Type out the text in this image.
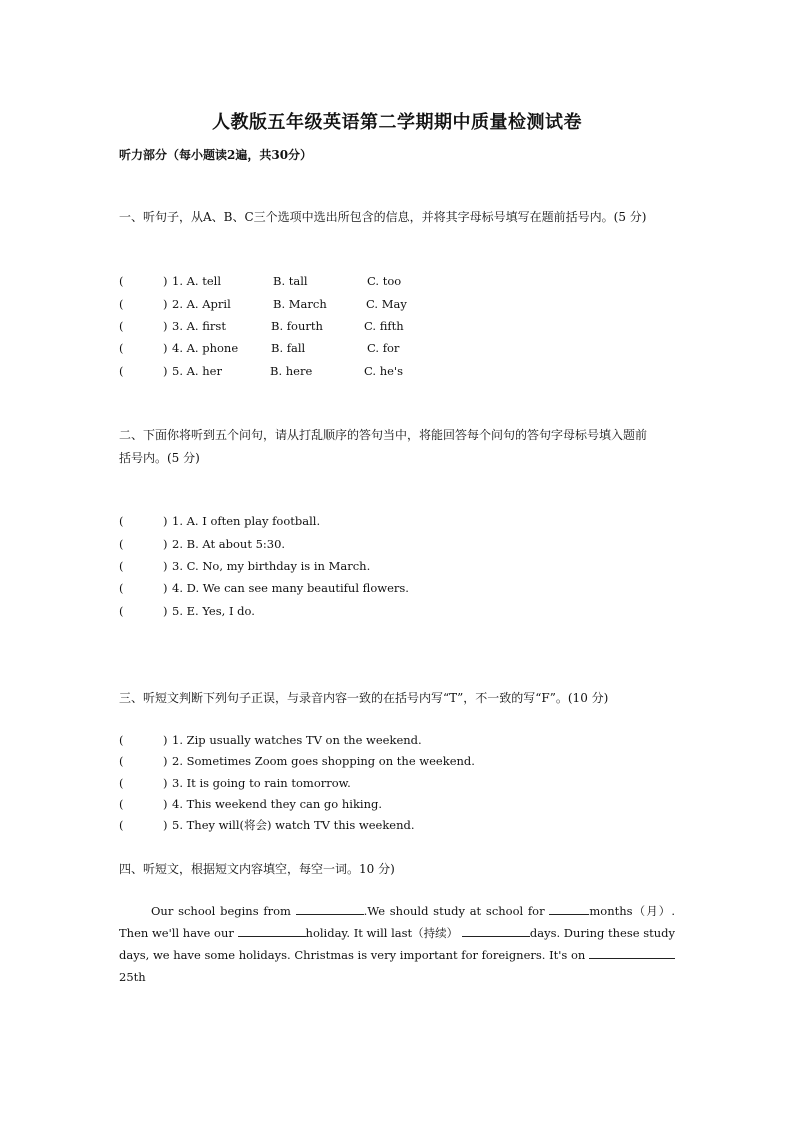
人教版五年级英语第二学期期中质量检测试卷
听力部分（每小题读2遍，共30分）
一、听句子，从A、B、C三个选项中选出所包含的信息，并将其字母标号填写在题前括号内。(5 分)
(	) 1. A. tell	B. tall	C. too
(	) 2. A. April	B. March	C. May
(	) 3. A. first	B. fourth	C. fifth
(	) 4. A. phone	B. fall	C. for
(	) 5. A. her	B. here	C. he's
二、下面你将听到五个问句，请从打乱顺序的答句当中，将能回答每个问句的答句字母标号填入题前
括号内。(5 分)
(	) 1. A. I often play football.
(	) 2. B. At about 5:30.
(	) 3. C. No, my birthday is in March.
(	) 4. D. We can see many beautiful flowers.
(	) 5. E. Yes, I do.
三、听短文判断下列句子正误，与录音内容一致的在括号内写“T”，不一致的写“F”。(10 分)
(	) 1. Zip usually watches TV on the weekend.
(	) 2. Sometimes Zoom goes shopping on the weekend.
(	) 3. It is going to rain tomorrow.
(	) 4. This weekend they can go hiking.
(	) 5. They will(将会) watch TV this weekend.
四、听短文，根据短文内容填空，每空一词。10 分)

Our school begins from	.We should study at school for	months（月）. Then we'll have our	holiday. It will last（持续）	days. During these study days, we have some holidays. Christmas is very important for foreigners. It's on 25th
